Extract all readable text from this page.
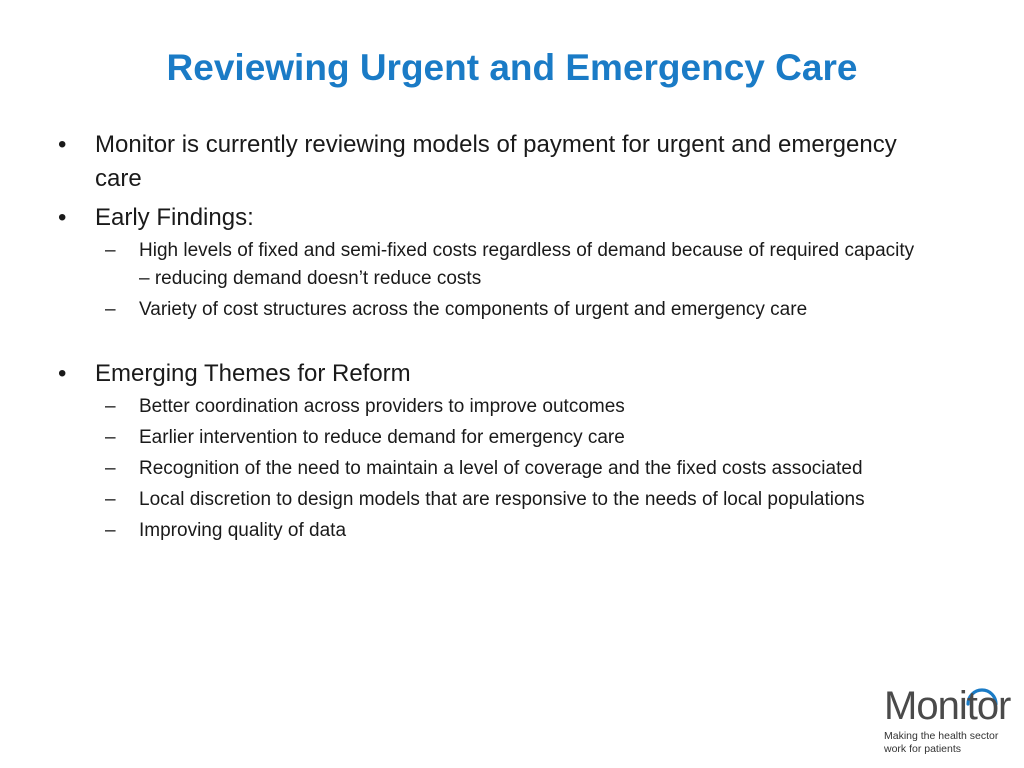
Reviewing Urgent and Emergency Care

• Monitor is currently reviewing models of payment for urgent and emergency care

• Early Findings:

– High levels of fixed and semi-fixed costs regardless of demand because of required capacity – reducing demand doesn’t reduce costs

– Variety of cost structures across the components of urgent and emergency care

• Emerging Themes for Reform

– Better coordination across providers to improve outcomes

– Earlier intervention to reduce demand for emergency care

– Recognition of the need to maintain a level of coverage and the fixed costs associated

– Local discretion to design models that are responsive to the needs of local populations

– Improving quality of data

Monitor
Making the health sector
work for patients
